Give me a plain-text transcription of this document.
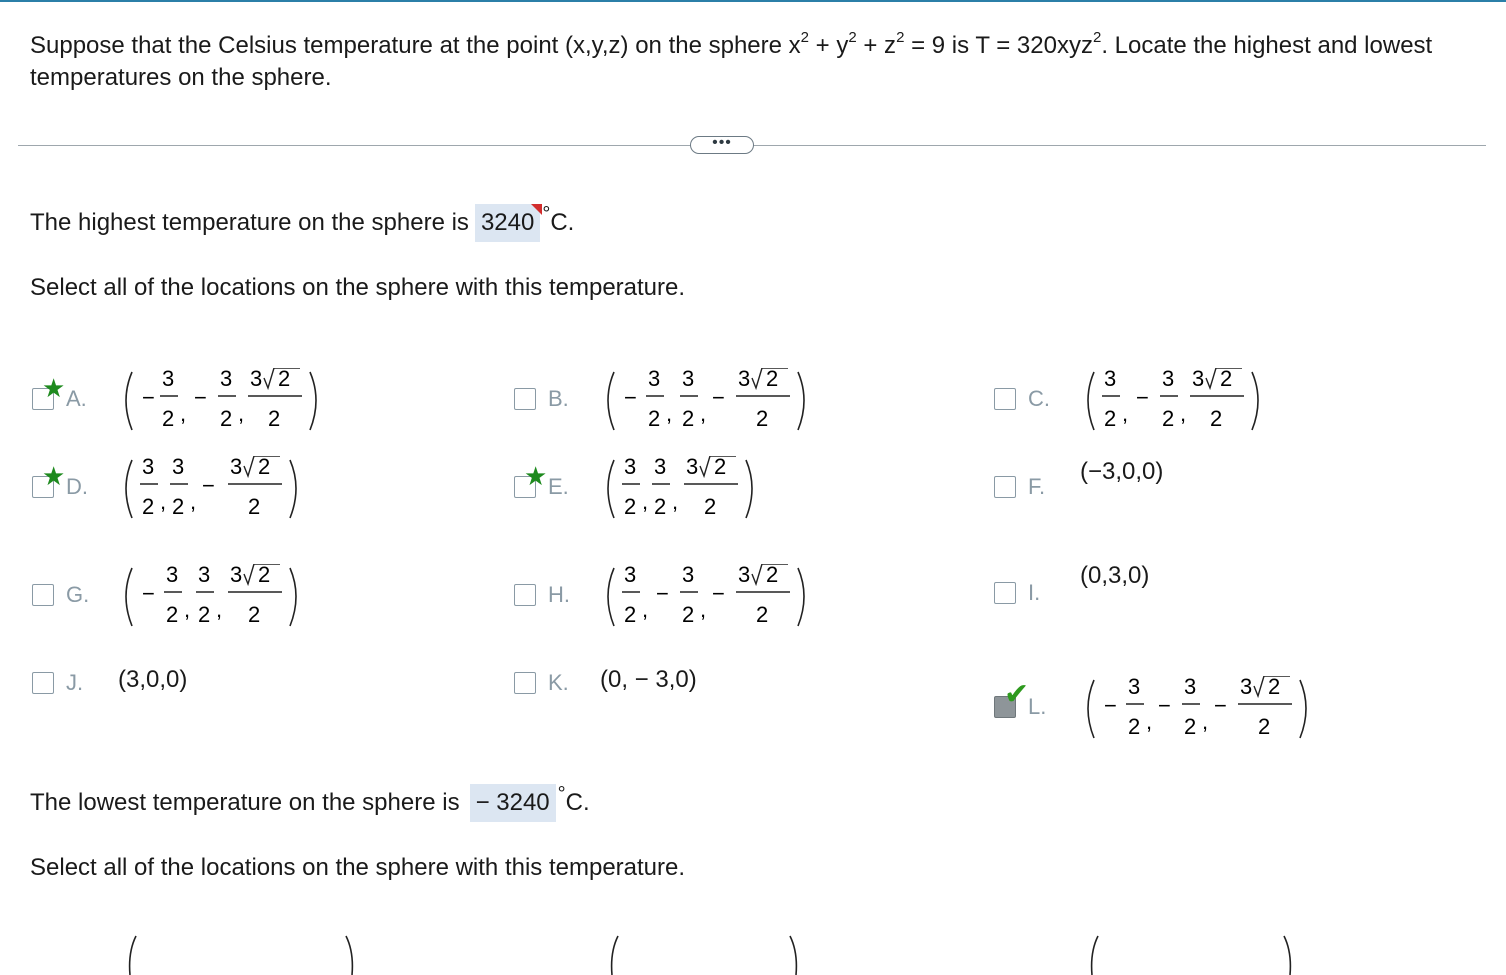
Suppose that the Celsius temperature at the point (x,y,z) on the sphere $x^2 + y^2 + z^2 = 9$ is T = 320xyz$^2$. Locate the highest and lowest temperatures on the sphere.
•••
The highest temperature on the sphere is 3240 °C.
Select all of the locations on the sphere with this temperature.
★ A.	−
3
2 ,
−
3
2 ,
3 2
2
B.	−
3
2 ,
3
2 ,
−
3 2
2
C.
3
2 ,
−
3
2 ,
3 2
2
★ D.
3
2 ,
3
2 ,
−
3 2
2
★ E.
3
2 ,
3
2 ,
3 2
2
F.
(−3,0,0)
G. −
3
2 ,
3
2 ,
3 2
2
H.
3
2 ,
−
3
2 ,
−
3 2
2
I.
(0,3,0)
J. (3,0,0)	K. (0, − 3,0)	✔
L.	−
3
2 ,
−
3
2 ,
−
3 2
2
The lowest temperature on the sphere is − 3240 °C.
Select all of the locations on the sphere with this temperature.
